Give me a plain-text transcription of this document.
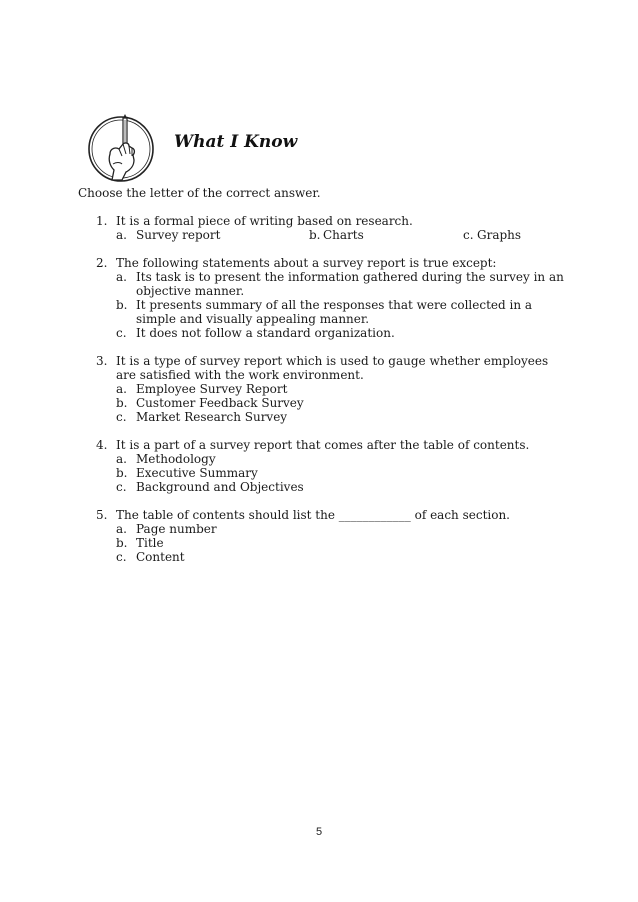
What I Know
Choose the letter of the correct answer.
1. It is a formal piece of writing based on research.
a. Survey report	b. Charts	c. Graphs
2. The following statements about a survey report is true except:
a. Its task is to present the information gathered during the survey in an objective manner.
b. It presents summary of all the responses that were collected in a simple and visually appealing manner.
c. It does not follow a standard organization.
3. It is a type of survey report which is used to gauge whether employees are satisfied with the work environment.
a. Employee Survey Report
b. Customer Feedback Survey
c. Market Research Survey
4. It is a part of a survey report that comes after the table of contents.
a. Methodology
b. Executive Summary
c. Background and Objectives
5. The table of contents should list the ____________ of each section.
a. Page number
b. Title
c. Content
5
